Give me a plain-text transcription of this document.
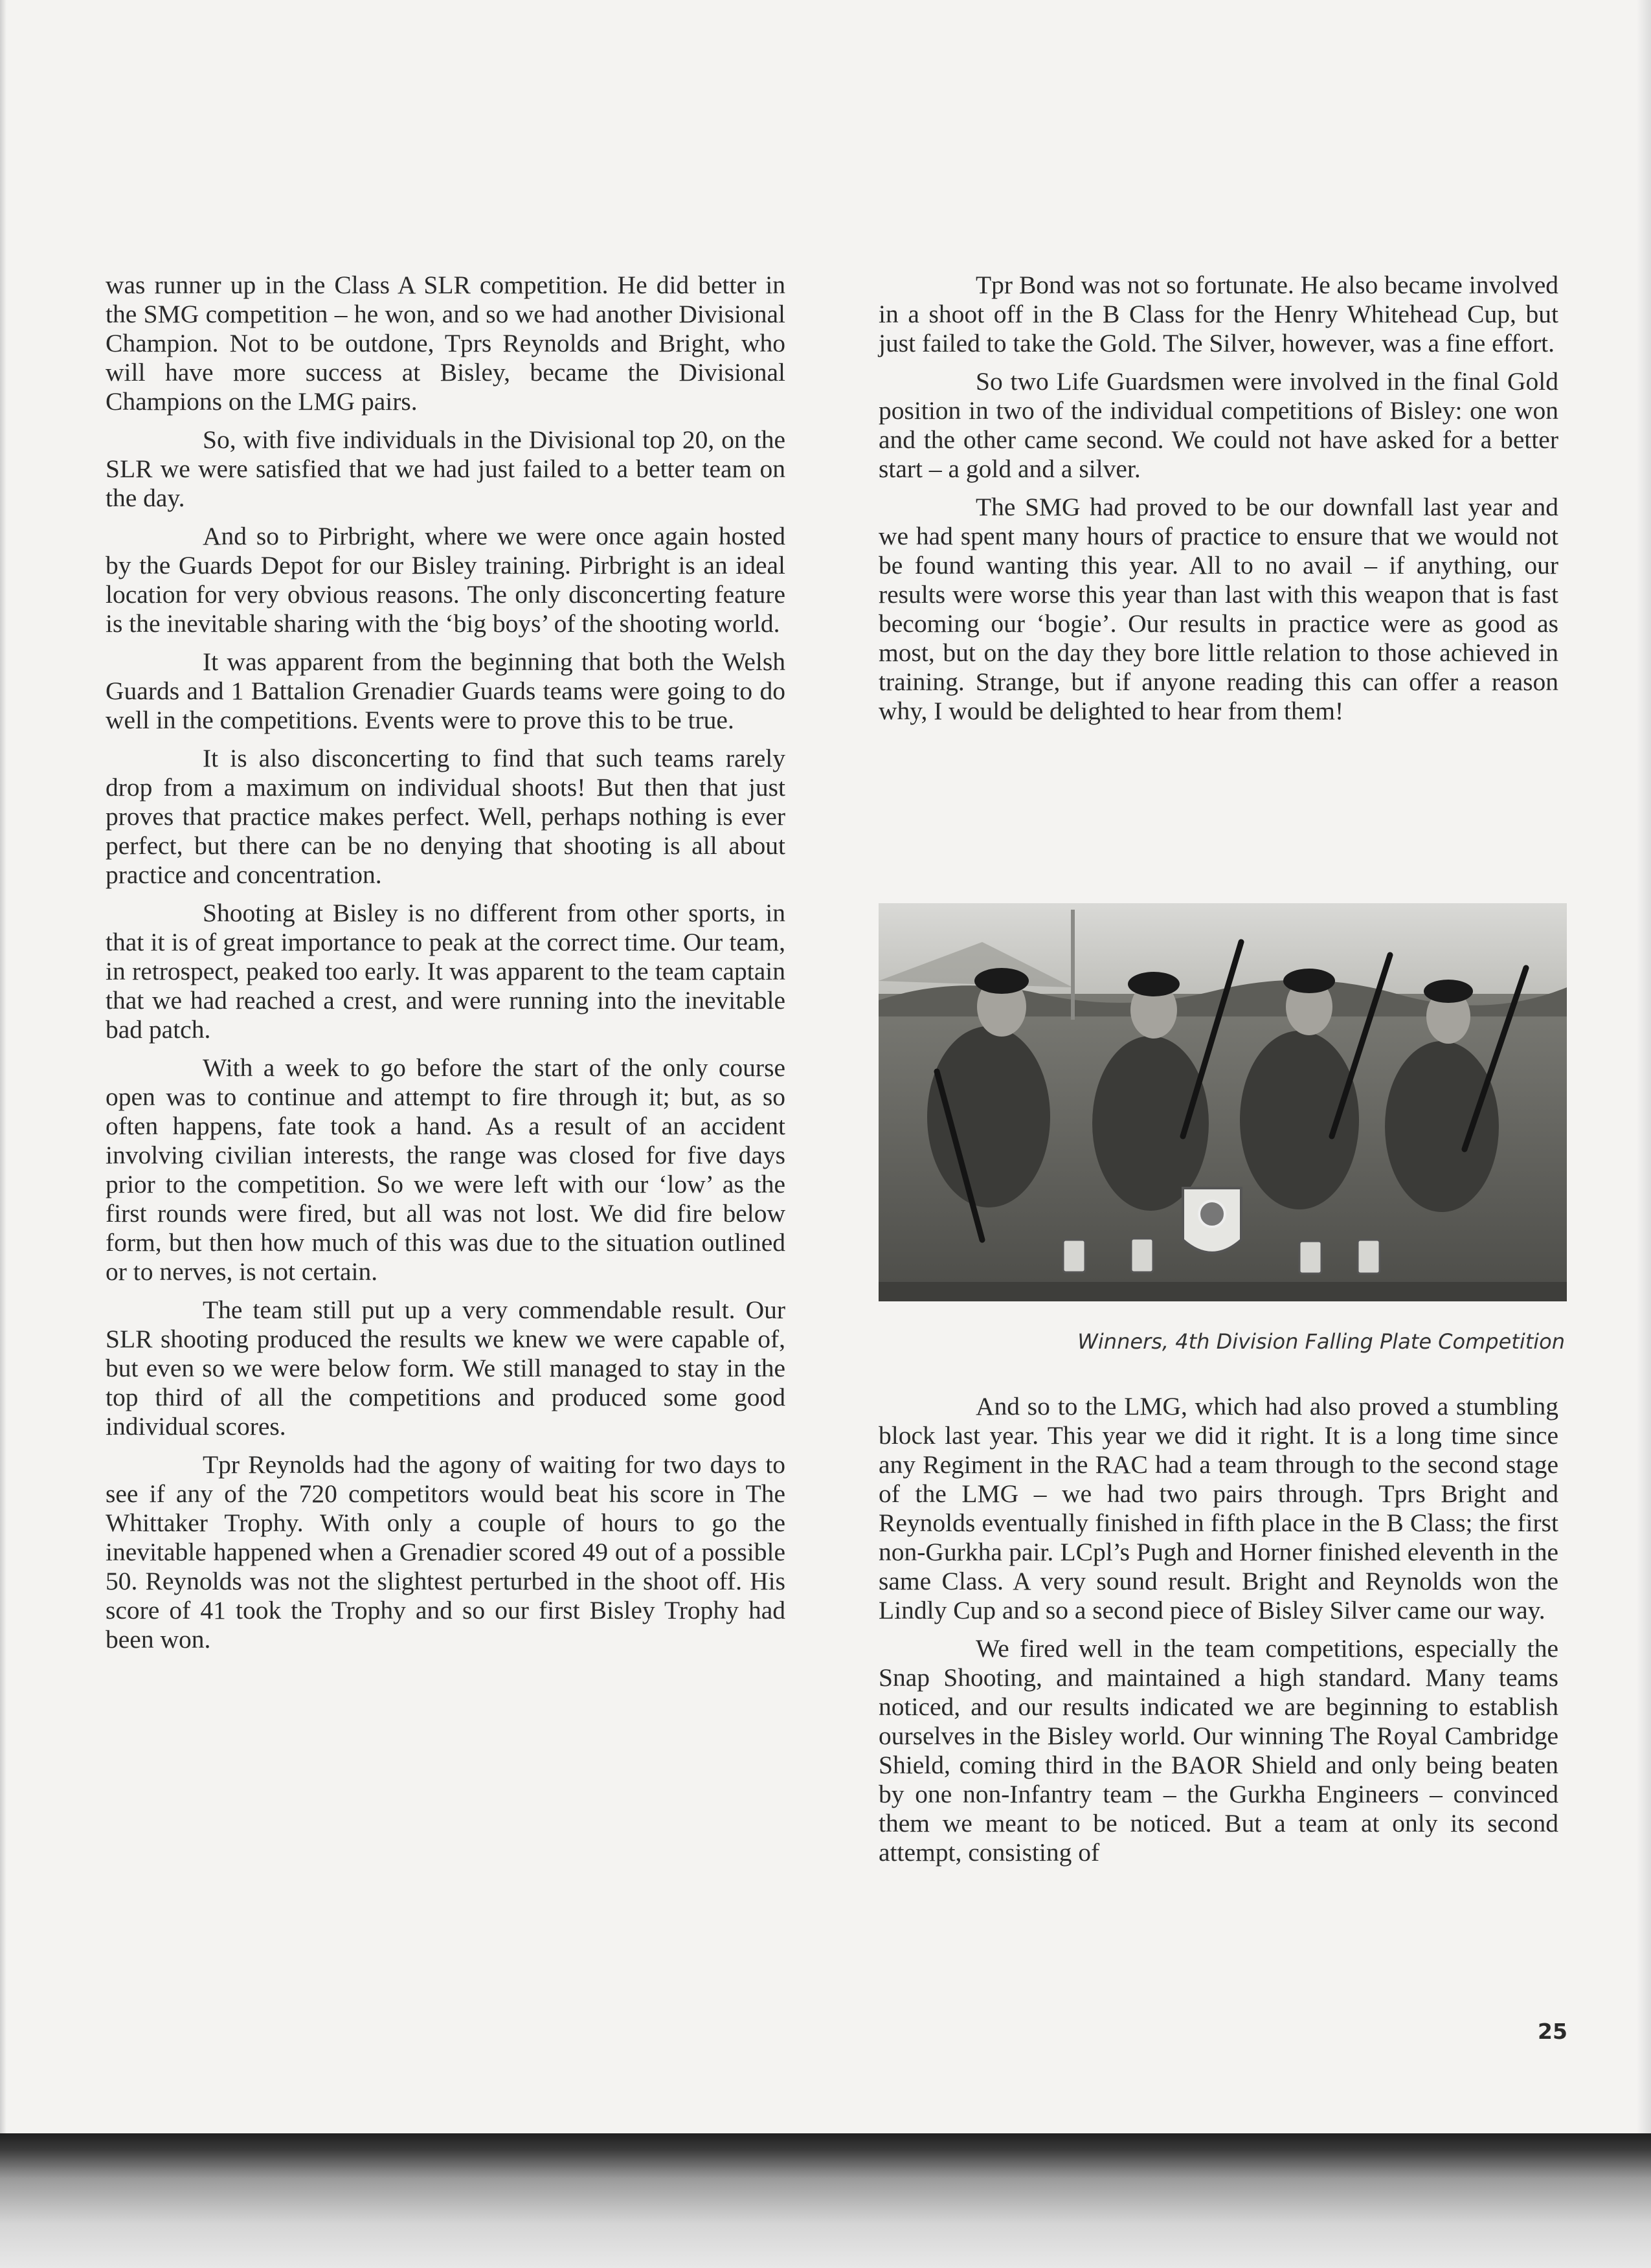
was runner up in the Class A SLR competition. He did better in the SMG competition – he won, and so we had another Divisional Champion. Not to be outdone, Tprs Reynolds and Bright, who will have more success at Bisley, became the Divisional Champions on the LMG pairs.

So, with five individuals in the Divisional top 20, on the SLR we were satisfied that we had just failed to a better team on the day.

And so to Pirbright, where we were once again hosted by the Guards Depot for our Bisley training. Pirbright is an ideal location for very obvious reasons. The only disconcerting feature is the inevitable sharing with the ‘big boys’ of the shooting world.

It was apparent from the beginning that both the Welsh Guards and 1 Battalion Grenadier Guards teams were going to do well in the competitions. Events were to prove this to be true.

It is also disconcerting to find that such teams rarely drop from a maximum on individual shoots! But then that just proves that practice makes perfect. Well, perhaps nothing is ever perfect, but there can be no denying that shooting is all about practice and concentration.

Shooting at Bisley is no different from other sports, in that it is of great importance to peak at the correct time. Our team, in retrospect, peaked too early. It was apparent to the team captain that we had reached a crest, and were running into the inevitable bad patch.

With a week to go before the start of the only course open was to continue and attempt to fire through it; but, as so often happens, fate took a hand. As a result of an accident involving civilian interests, the range was closed for five days prior to the competition. So we were left with our ‘low’ as the first rounds were fired, but all was not lost. We did fire below form, but then how much of this was due to the situation outlined or to nerves, is not certain.

The team still put up a very commendable result. Our SLR shooting produced the results we knew we were capable of, but even so we were below form. We still managed to stay in the top third of all the competitions and produced some good individual scores.

Tpr Reynolds had the agony of waiting for two days to see if any of the 720 competitors would beat his score in The Whittaker Trophy. With only a couple of hours to go the inevitable happened when a Grenadier scored 49 out of a possible 50. Reynolds was not the slightest perturbed in the shoot off. His score of 41 took the Trophy and so our first Bisley Trophy had been won.

Tpr Bond was not so fortunate. He also became involved in a shoot off in the B Class for the Henry Whitehead Cup, but just failed to take the Gold. The Silver, however, was a fine effort.

So two Life Guardsmen were involved in the final Gold position in two of the individual competitions of Bisley: one won and the other came second. We could not have asked for a better start – a gold and a silver.

The SMG had proved to be our downfall last year and we had spent many hours of practice to ensure that we would not be found wanting this year. All to no avail – if anything, our results were worse this year than last with this weapon that is fast becoming our ‘bogie’. Our results in practice were as good as most, but on the day they bore little relation to those achieved in training. Strange, but if anyone reading this can offer a reason why, I would be delighted to hear from them!

Winners, 4th Division Falling Plate Competition

And so to the LMG, which had also proved a stumbling block last year. This year we did it right. It is a long time since any Regiment in the RAC had a team through to the second stage of the LMG – we had two pairs through. Tprs Bright and Reynolds eventually finished in fifth place in the B Class; the first non-Gurkha pair. LCpl’s Pugh and Horner finished eleventh in the same Class. A very sound result. Bright and Reynolds won the Lindly Cup and so a second piece of Bisley Silver came our way.

We fired well in the team competitions, especially the Snap Shooting, and maintained a high standard. Many teams noticed, and our results indicated we are beginning to establish ourselves in the Bisley world. Our winning The Royal Cambridge Shield, coming third in the BAOR Shield and only being beaten by one non-Infantry team – the Gurkha Engineers – convinced them we meant to be noticed. But a team at only its second attempt, consisting of

25
